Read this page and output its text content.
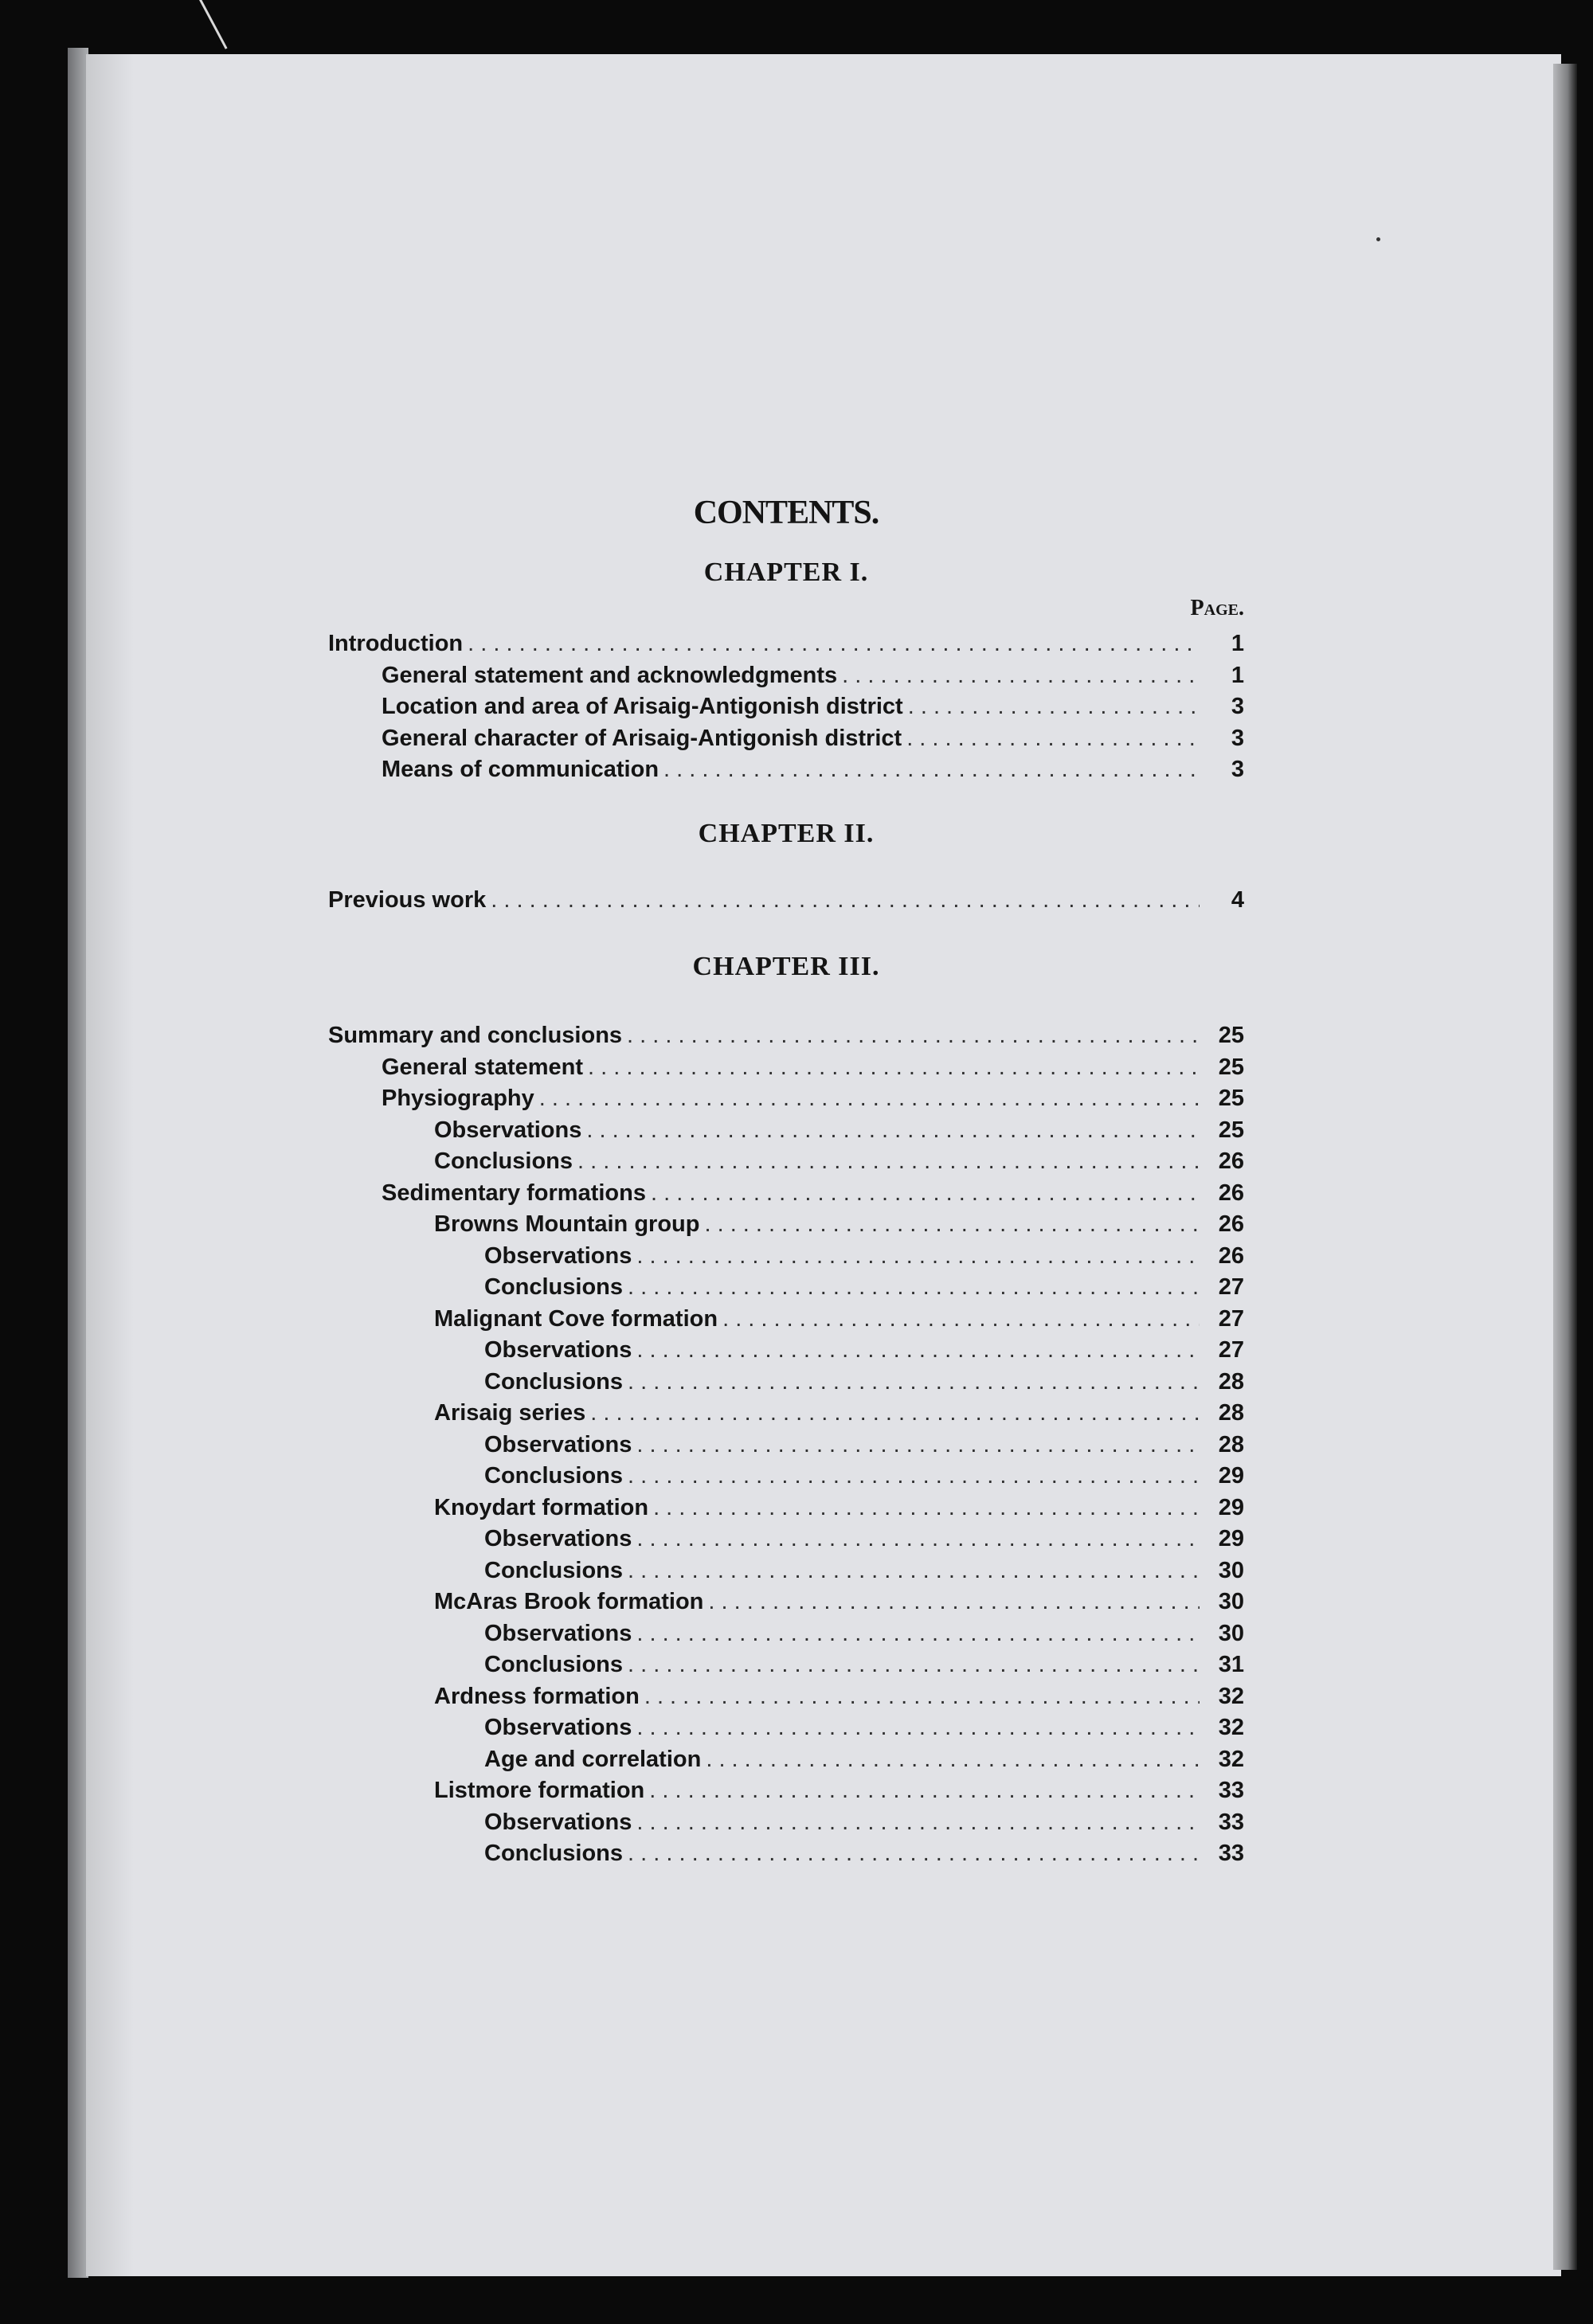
CONTENTS.
Page.
CHAPTER I.
Introduction . . .	1
General statement and acknowledgments . . .	1
Location and area of Arisaig-Antigonish district . . .	3
General character of Arisaig-Antigonish district . . .	3
Means of communication . . .	3
CHAPTER II.
Previous work . . .	4
CHAPTER III.
Summary and conclusions . . .	25
General statement . . .	25
Physiography . . .	25
Observations . . .	25
Conclusions . . .	26
Sedimentary formations . . .	26
Browns Mountain group . . .	26
Observations . . .	26
Conclusions . . .	27
Malignant Cove formation . . .	27
Observations . . .	27
Conclusions . . .	28
Arisaig series . . .	28
Observations . . .	28
Conclusions . . .	29
Knoydart formation . . .	29
Observations . . .	29
Conclusions . . .	30
McAras Brook formation . . .	30
Observations . . .	30
Conclusions . . .	31
Ardness formation . . .	32
Observations . . .	32
Age and correlation . . .	32
Listmore formation . . .	33
Observations . . .	33
Conclusions . . .	33
